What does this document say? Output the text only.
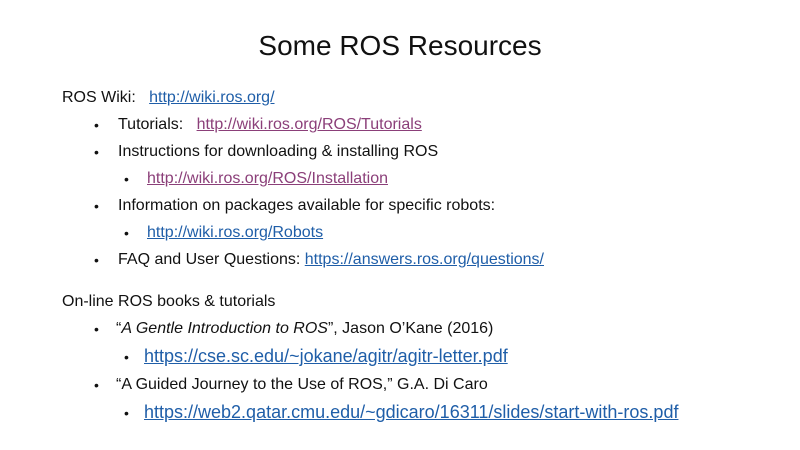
Some ROS Resources
ROS Wiki: http://wiki.ros.org/
• Tutorials: http://wiki.ros.org/ROS/Tutorials
• Instructions for downloading & installing ROS
• http://wiki.ros.org/ROS/Installation
• Information on packages available for specific robots:
• http://wiki.ros.org/Robots
• FAQ and User Questions: https://answers.ros.org/questions/
On-line ROS books & tutorials
• “A Gentle Introduction to ROS”, Jason O’Kane (2016)
• https://cse.sc.edu/~jokane/agitr/agitr-letter.pdf
• “A Guided Journey to the Use of ROS,” G.A. Di Caro
• https://web2.qatar.cmu.edu/~gdicaro/16311/slides/start-with-ros.pdf
